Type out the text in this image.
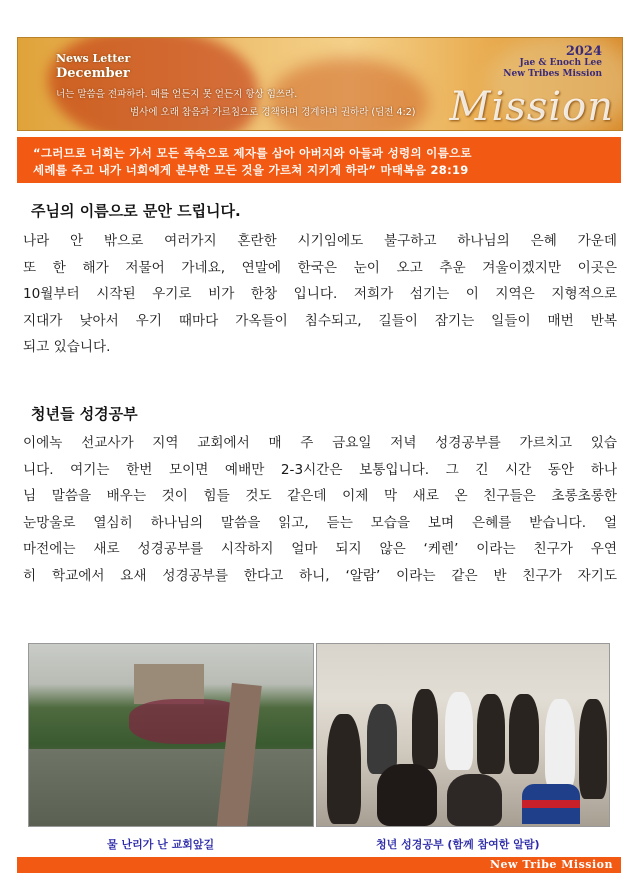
News Letter
December
2024
Jae & Enoch Lee
New Tribes Mission
너는 말씀을 전파하라. 때를 얻든지 못 얻든지 항상 힘쓰라.
범사에 오래 참음과 가르침으로 경책하며 경계하며 권하라 (딤전 4:2) Mission
“그러므로 너희는 가서 모든 족속으로 제자를 삼아 아버지와 아들과 성령의 이름으로
세례를 주고 내가 너희에게 분부한 모든 것을 가르쳐 지키게 하라” 마태복음 28:19
주님의 이름으로 문안 드립니다.
나라 안 밖으로 여러가지 혼란한 시기임에도 불구하고 하나님의 은혜 가운데
또 한 해가 저물어 가네요, 연말에 한국은 눈이 오고 추운 겨울이겠지만 이곳은
10월부터 시작된 우기로 비가 한창 입니다. 저희가 섬기는 이 지역은 지형적으로
지대가 낮아서 우기 때마다 가옥들이 침수되고, 길들이 잠기는 일들이 매번 반복
되고 있습니다.
청년들 성경공부
이에녹 선교사가 지역 교회에서 매 주 금요일 저녁 성경공부를 가르치고 있습
니다. 여기는 한번 모이면 예배만 2-3시간은 보통입니다. 그 긴 시간 동안 하나
님 말씀을 배우는 것이 힘들 것도 같은데 이제 막 새로 온 친구들은 초롱초롱한
눈망울로 열심히 하나님의 말씀을 읽고, 듣는 모습을 보며 은혜를 받습니다. 얼
마전에는 새로 성경공부를 시작하지 얼마 되지 않은 ‘케렌’ 이라는 친구가 우연
히 학교에서 요새 성경공부를 한다고 하니, ‘알람’ 이라는 같은 반 친구가 자기도
물 난리가 난 교회앞길	청년 성경공부 (함께 참여한 알람)
New Tribe Mission
